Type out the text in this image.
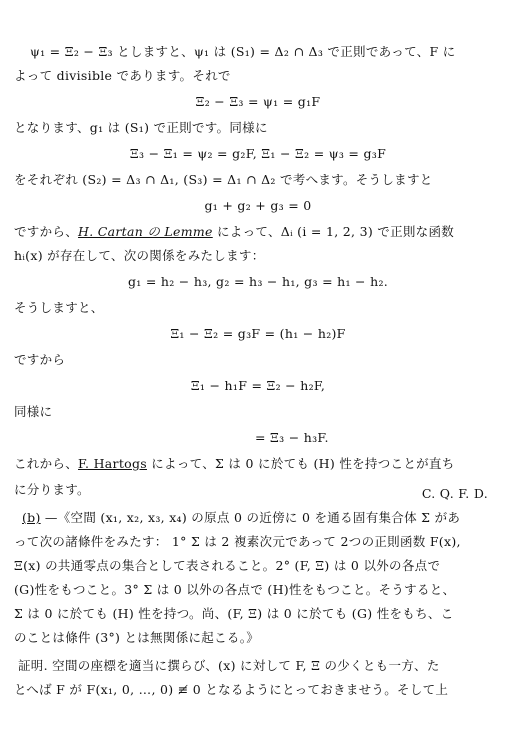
ψ₁ = Ξ₂ − Ξ₃ としますと、ψ₁ は (S₁) = Δ₂ ∩ Δ₃ で正則であって、F に
よって divisible であります。それで
Ξ₂ − Ξ₃ = ψ₁ = g₁F
となります、g₁ は (S₁) で正則です。同様に
Ξ₃ − Ξ₁ = ψ₂ = g₂F, Ξ₁ − Ξ₂ = ψ₃ = g₃F
をそれぞれ (S₂) = Δ₃ ∩ Δ₁, (S₃) = Δ₁ ∩ Δ₂ で考へます。そうしますと
g₁ + g₂ + g₃ = 0
ですから、H. Cartan の Lemme によって、Δᵢ (i = 1, 2, 3) で正則な函数
hᵢ(x) が存在して、次の関係をみたします：
g₁ = h₂ − h₃, g₂ = h₃ − h₁, g₃ = h₁ − h₂.
そうしますと、
Ξ₁ − Ξ₂ = g₃F = (h₁ − h₂)F
ですから
Ξ₁ − h₁F = Ξ₂ − h₂F,
同様に
= Ξ₃ − h₃F.
これから、F. Hartogs によって、Σ は 0 に於ても (H) 性を持つことが直ち
に分ります。	C. Q. F. D.
(b) —《空間 (x₁, x₂, x₃, x₄) の原点 0 の近傍に 0 を通る固有集合体 Σ があ
って次の諸條件をみたす： 1° Σ は 2 複素次元であって 2つの正則函数 F(x),
Ξ(x) の共通零点の集合として表されること。2° (F, Ξ) は 0 以外の各点で
(G)性をもつこと。3° Σ は 0 以外の各点で (H)性をもつこと。そうすると、
Σ は 0 に於ても (H) 性を持つ。尚、(F, Ξ) は 0 に於ても (G) 性をもち、こ
のことは條件 (3°) とは無関係に起こる。》
証明. 空間の座標を適当に撰らび、(x) に対して F, Ξ の少くとも一方、た
とへば F が F(x₁, 0, …, 0) ≢ 0 となるようにとっておきませう。そして上
